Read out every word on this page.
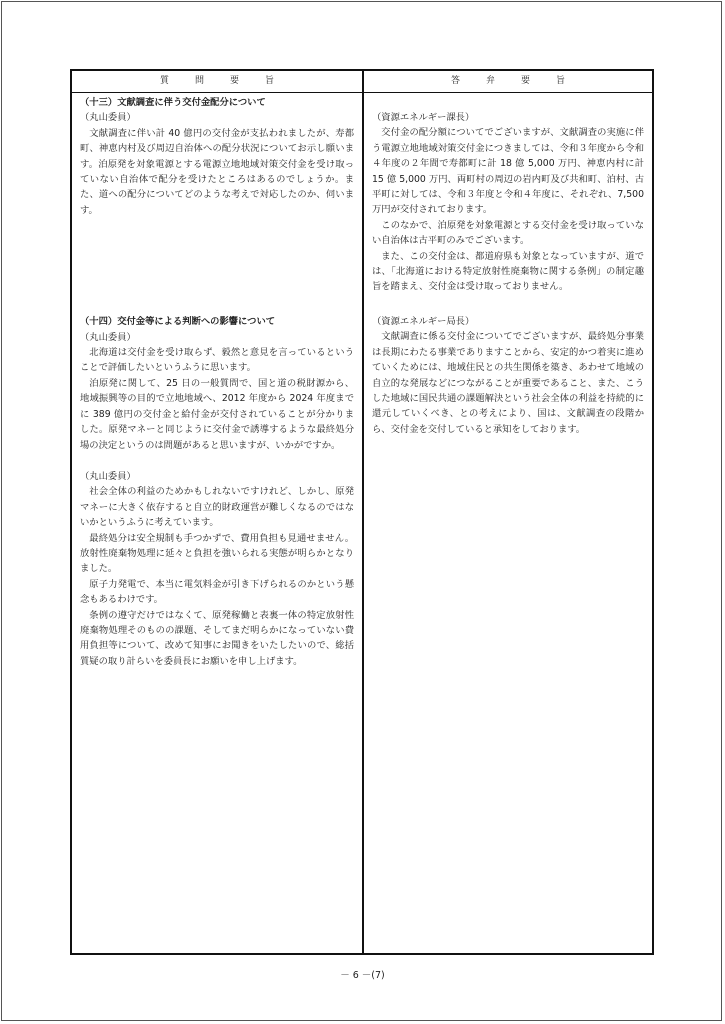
質問要旨	答弁要旨
（十三）文献調査に伴う交付金配分について
（丸山委員）
文献調査に伴い計 40 億円の交付金が支払われましたが、寿都町、神恵内村及び周辺自治体への配分状況についてお示し願います。泊原発を対象電源とする電源立地地域対策交付金を受け取っていない自治体で配分を受けたところはあるのでしょうか。また、道への配分についてどのような考えで対応したのか、伺います。
（十四）交付金等による判断への影響について
（丸山委員）
北海道は交付金を受け取らず、毅然と意見を言っているということで評価したいというふうに思います。
泊原発に関して、25 日の一般質問で、国と道の税財源から、地域振興等の目的で立地地域へ、2012 年度から 2024 年度までに 389 億円の交付金と給付金が交付されていることが分かりました。原発マネーと同じように交付金で誘導するような最終処分場の決定というのは問題があると思いますが、いかがですか。
（丸山委員）
社会全体の利益のためかもしれないですけれど、しかし、原発マネーに大きく依存すると自立的財政運営が難しくなるのではないかというふうに考えています。
最終処分は安全規制も手つかずで、費用負担も見通せません。放射性廃棄物処理に延々と負担を強いられる実態が明らかとなりました。
原子力発電で、本当に電気料金が引き下げられるのかという懸念もあるわけです。
条例の遵守だけではなくて、原発稼働と表裏一体の特定放射性廃棄物処理そのものの課題、そしてまだ明らかになっていない費用負担等について、改めて知事にお聞きをいたしたいので、総括質疑の取り計らいを委員長にお願いを申し上げます。
（資源エネルギー課長）
交付金の配分額についてでございますが、文献調査の実施に伴う電源立地地域対策交付金につきましては、令和３年度から令和４年度の２年間で寿都町に計 18 億 5,000 万円、神恵内村に計 15 億 5,000 万円、両町村の周辺の岩内町及び共和町、泊村、古平町に対しては、令和３年度と令和４年度に、それぞれ、7,500 万円が交付されております。
このなかで、泊原発を対象電源とする交付金を受け取っていない自治体は古平町のみでございます。
また、この交付金は、都道府県も対象となっていますが、道では、「北海道における特定放射性廃棄物に関する条例」の制定趣旨を踏まえ、交付金は受け取っておりません。
（資源エネルギー局長）
文献調査に係る交付金についてでございますが、最終処分事業は長期にわたる事業でありますことから、安定的かつ着実に進めていくためには、地域住民との共生関係を築き、あわせて地域の自立的な発展などにつながることが重要であること、また、こうした地域に国民共通の課題解決という社会全体の利益を持続的に還元していくべき、との考えにより、国は、文献調査の段階から、交付金を交付していると承知をしております。
－ 6 －(7)
